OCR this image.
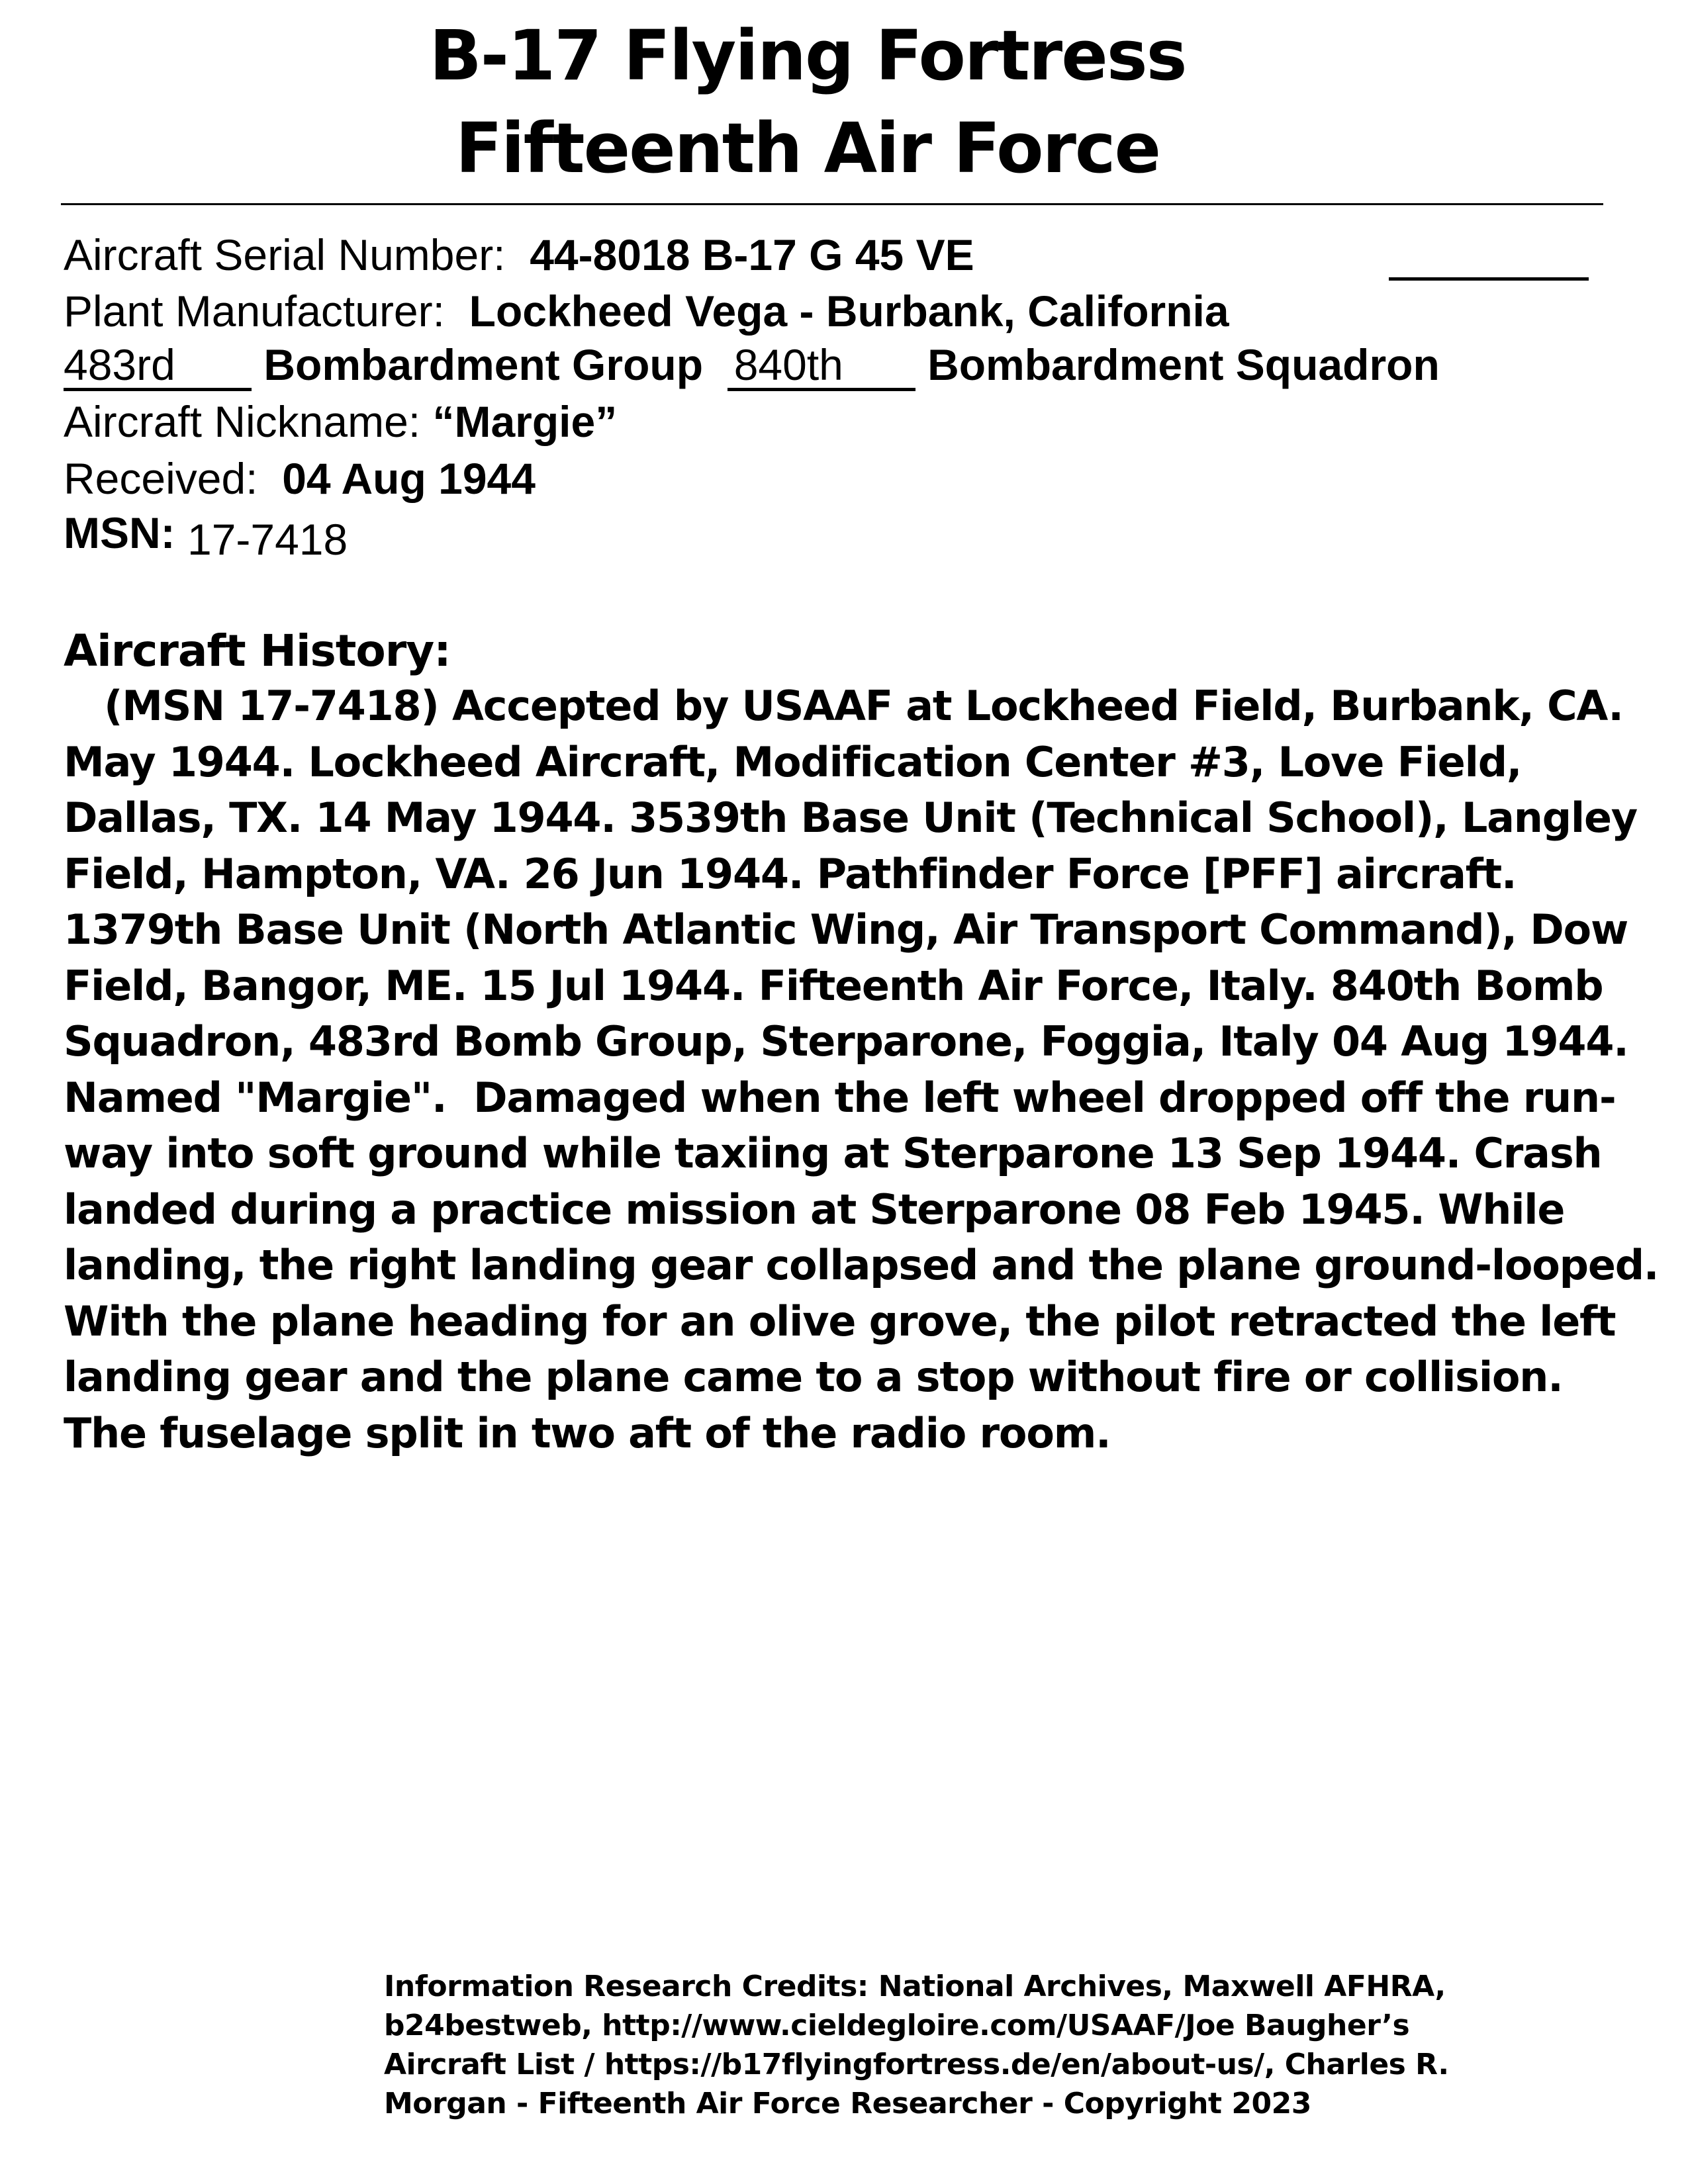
B-17 Flying Fortress
Fifteenth Air Force
Aircraft Serial Number: 44-8018 B-17 G 45 VE
Plant Manufacturer: Lockheed Vega - Burbank, California
483rd Bombardment Group 840th Bombardment Squadron
Aircraft Nickname: “Margie”
Received: 04 Aug 1944
MSN: 17-7418
Aircraft History:
(MSN 17-7418) Accepted by USAAF at Lockheed Field, Burbank, CA.
May 1944. Lockheed Aircraft, Modification Center #3, Love Field,
Dallas, TX. 14 May 1944. 3539th Base Unit (Technical School), Langley
Field, Hampton, VA. 26 Jun 1944. Pathfinder Force [PFF] aircraft.
1379th Base Unit (North Atlantic Wing, Air Transport Command), Dow
Field, Bangor, ME. 15 Jul 1944. Fifteenth Air Force, Italy. 840th Bomb
Squadron, 483rd Bomb Group, Sterparone, Foggia, Italy 04 Aug 1944.
Named "Margie".  Damaged when the left wheel dropped off the run-
way into soft ground while taxiing at Sterparone 13 Sep 1944. Crash
landed during a practice mission at Sterparone 08 Feb 1945. While
landing, the right landing gear collapsed and the plane ground-looped.
With the plane heading for an olive grove, the pilot retracted the left
landing gear and the plane came to a stop without fire or collision.
The fuselage split in two aft of the radio room.
Information Research Credits: National Archives, Maxwell AFHRA,
b24bestweb, http://www.cieldegloire.com/USAAF/Joe Baugher’s
Aircraft List / https://b17flyingfortress.de/en/about-us/, Charles R.
Morgan - Fifteenth Air Force Researcher - Copyright 2023
